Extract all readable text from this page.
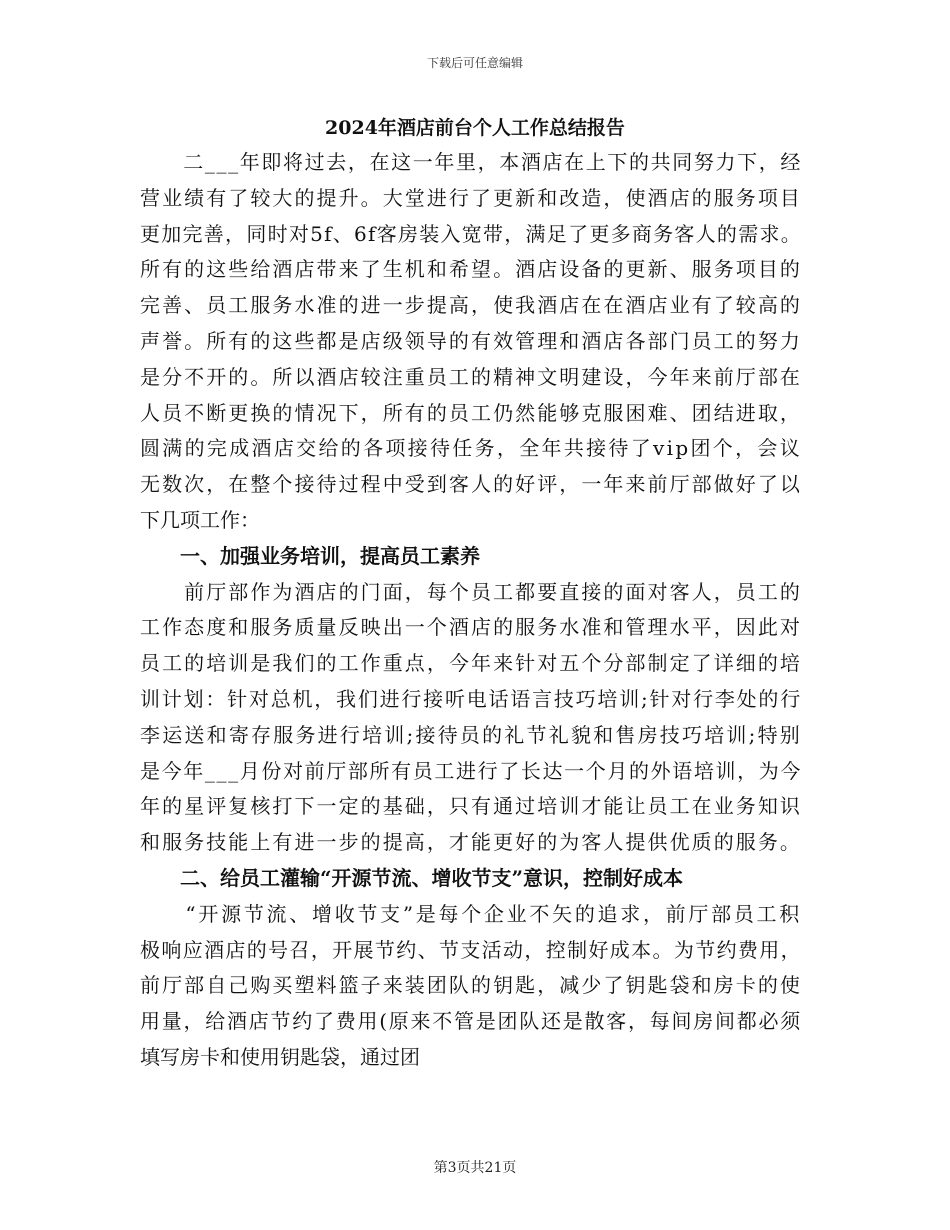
下载后可任意编辑
2024年酒店前台个人工作总结报告
　　二___年即将过去，在这一年里，本酒店在上下的共同努力下，经
营业绩有了较大的提升。大堂进行了更新和改造，使酒店的服务项目
更加完善，同时对5f、6f客房装入宽带，满足了更多商务客人的需求。
所有的这些给酒店带来了生机和希望。酒店设备的更新、服务项目的
完善、员工服务水准的进一步提高，使我酒店在在酒店业有了较高的
声誉。所有的这些都是店级领导的有效管理和酒店各部门员工的努力
是分不开的。所以酒店较注重员工的精神文明建设，今年来前厅部在
人员不断更换的情况下，所有的员工仍然能够克服困难、团结进取，
圆满的完成酒店交给的各项接待任务，全年共接待了vip团个，会议
无数次，在整个接待过程中受到客人的好评，一年来前厅部做好了以
下几项工作：
　　一、加强业务培训，提高员工素养
　　前厅部作为酒店的门面，每个员工都要直接的面对客人，员工的
工作态度和服务质量反映出一个酒店的服务水准和管理水平，因此对
员工的培训是我们的工作重点，今年来针对五个分部制定了详细的培
训计划：针对总机，我们进行接听电话语言技巧培训;针对行李处的行
李运送和寄存服务进行培训;接待员的礼节礼貌和售房技巧培训;特别
是今年___月份对前厅部所有员工进行了长达一个月的外语培训，为今
年的星评复核打下一定的基础，只有通过培训才能让员工在业务知识
和服务技能上有进一步的提高，才能更好的为客人提供优质的服务。
　　二、给员工灌输“开源节流、增收节支”意识，控制好成本
　　“开源节流、增收节支”是每个企业不矢的追求，前厅部员工积
极响应酒店的号召，开展节约、节支活动，控制好成本。为节约费用，
前厅部自己购买塑料篮子来装团队的钥匙，减少了钥匙袋和房卡的使
用量，给酒店节约了费用(原来不管是团队还是散客，每间房间都必须
填写房卡和使用钥匙袋，通过团
第3页共21页
